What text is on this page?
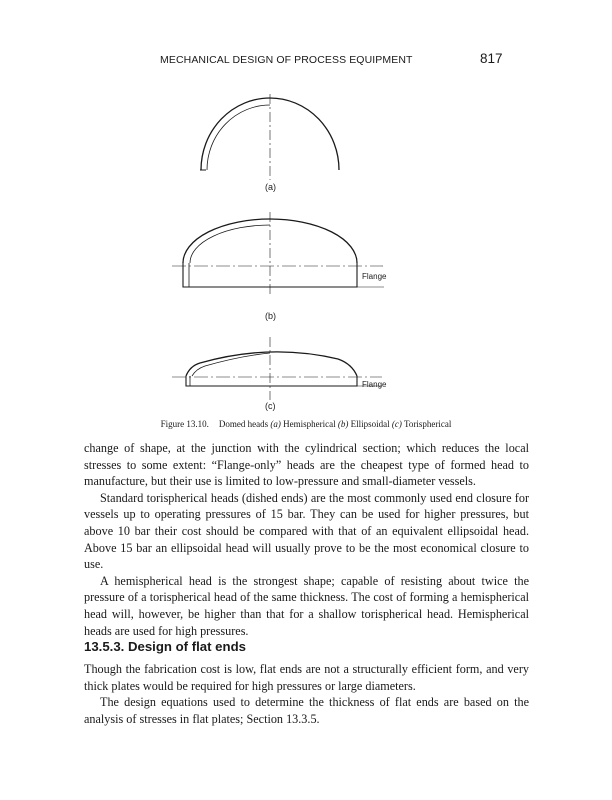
MECHANICAL DESIGN OF PROCESS EQUIPMENT	817
(a)
Flange
(b)
Flange
(c)
Figure 13.10. Domed heads (a) Hemispherical (b) Ellipsoidal (c) Torispherical

change of shape, at the junction with the cylindrical section; which reduces the local stresses to some extent: “Flange-only” heads are the cheapest type of formed head to manufacture, but their use is limited to low-pressure and small-diameter vessels.

Standard torispherical heads (dished ends) are the most commonly used end closure for vessels up to operating pressures of 15 bar. They can be used for higher pressures, but above 10 bar their cost should be compared with that of an equivalent ellipsoidal head. Above 15 bar an ellipsoidal head will usually prove to be the most economical closure to use.

A hemispherical head is the strongest shape; capable of resisting about twice the pressure of a torispherical head of the same thickness. The cost of forming a hemispherical head will, however, be higher than that for a shallow torispherical head. Hemispherical heads are used for high pressures.

13.5.3. Design of flat ends

Though the fabrication cost is low, flat ends are not a structurally efficient form, and very thick plates would be required for high pressures or large diameters.

The design equations used to determine the thickness of flat ends are based on the analysis of stresses in flat plates; Section 13.3.5.
